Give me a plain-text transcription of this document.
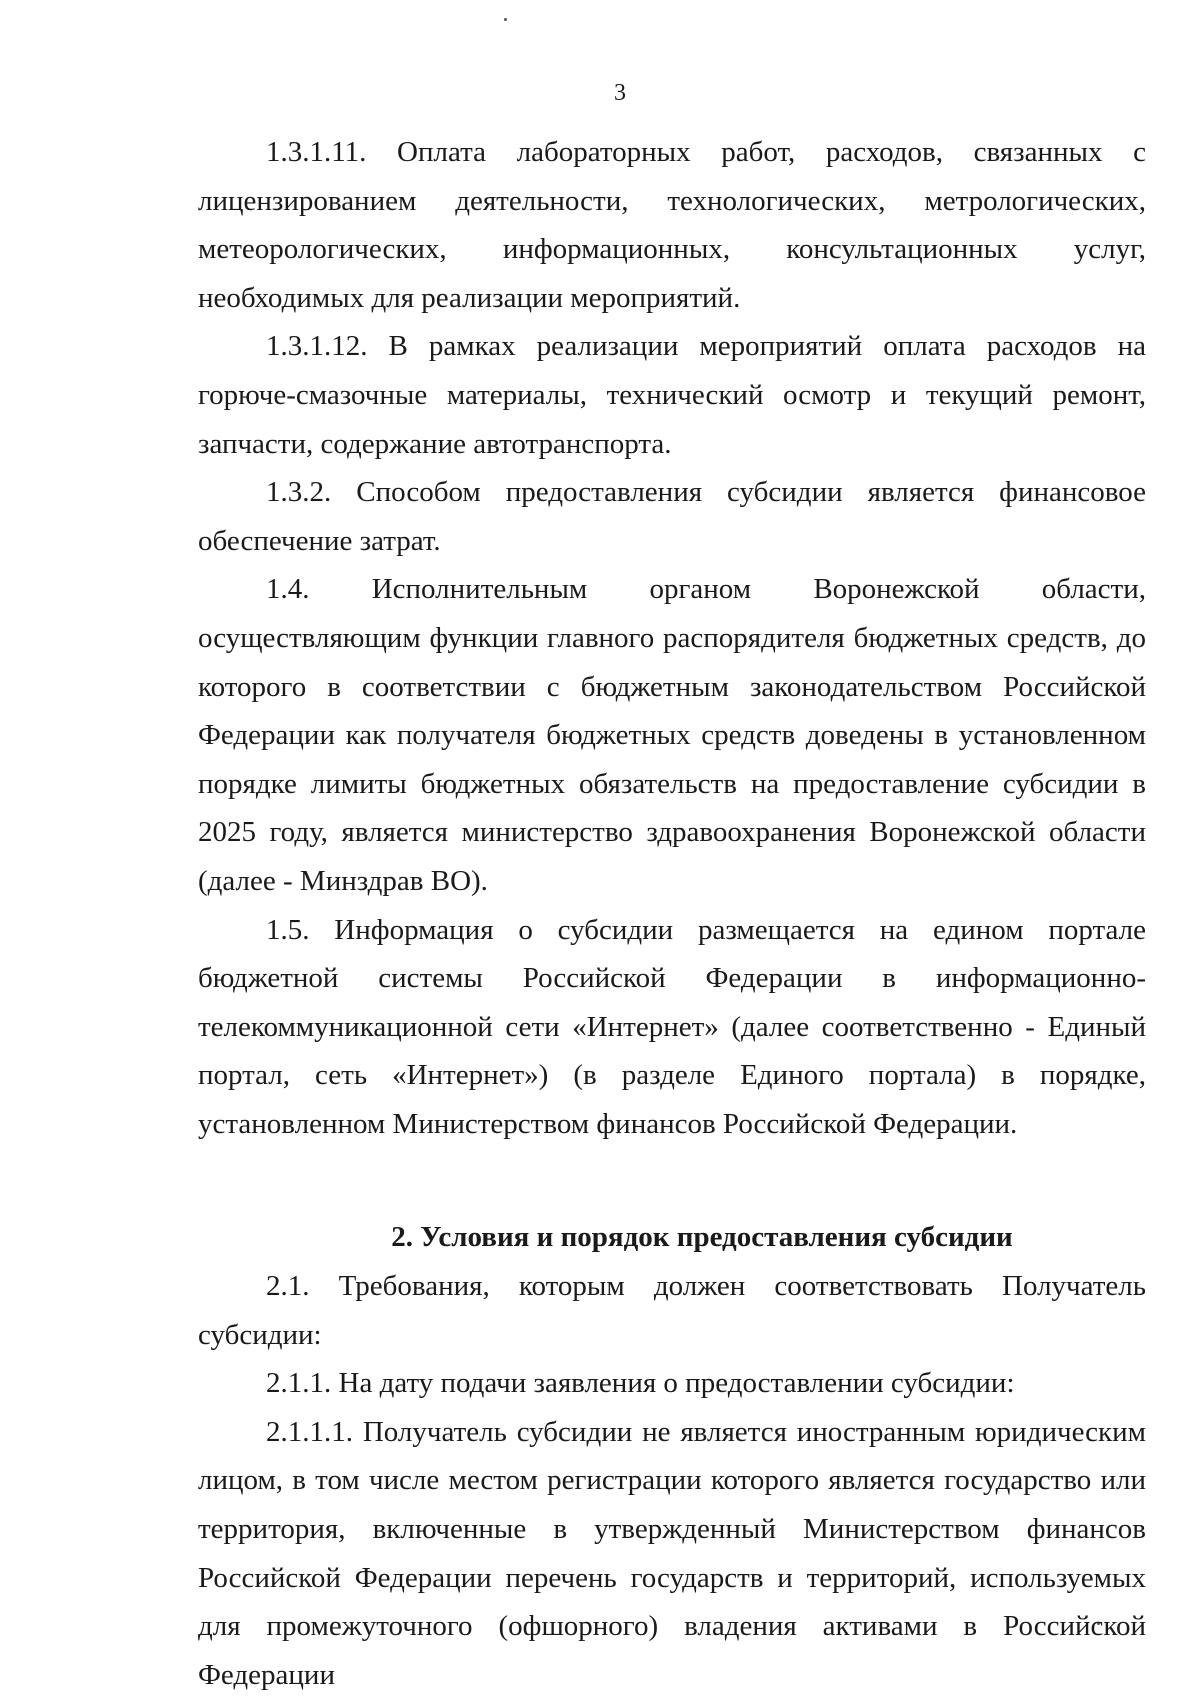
3

1.3.1.11. Оплата лабораторных работ, расходов, связанных с лицензированием деятельности, технологических, метрологических, метеорологических, информационных, консультационных услуг, необходимых для реализации мероприятий.

1.3.1.12. В рамках реализации мероприятий оплата расходов на горюче-смазочные материалы, технический осмотр и текущий ремонт, запчасти, содержание автотранспорта.

1.3.2. Способом предоставления субсидии является финансовое обеспечение затрат.

1.4. Исполнительным органом Воронежской области, осуществляющим функции главного распорядителя бюджетных средств, до которого в соответствии с бюджетным законодательством Российской Федерации как получателя бюджетных средств доведены в установленном порядке лимиты бюджетных обязательств на предоставление субсидии в 2025 году, является министерство здравоохранения Воронежской области (далее - Минздрав ВО).

1.5. Информация о субсидии размещается на едином портале бюджетной системы Российской Федерации в информационно-телекоммуникационной сети «Интернет» (далее соответственно - Единый портал, сеть «Интернет») (в разделе Единого портала) в порядке, установленном Министерством финансов Российской Федерации.

2. Условия и порядок предоставления субсидии

2.1. Требования, которым должен соответствовать Получатель субсидии:

2.1.1. На дату подачи заявления о предоставлении субсидии:

2.1.1.1. Получатель субсидии не является иностранным юридическим лицом, в том числе местом регистрации которого является государство или территория, включенные в утвержденный Министерством финансов Российской Федерации перечень государств и территорий, используемых для промежуточного (офшорного) владения активами в Российской Федерации
